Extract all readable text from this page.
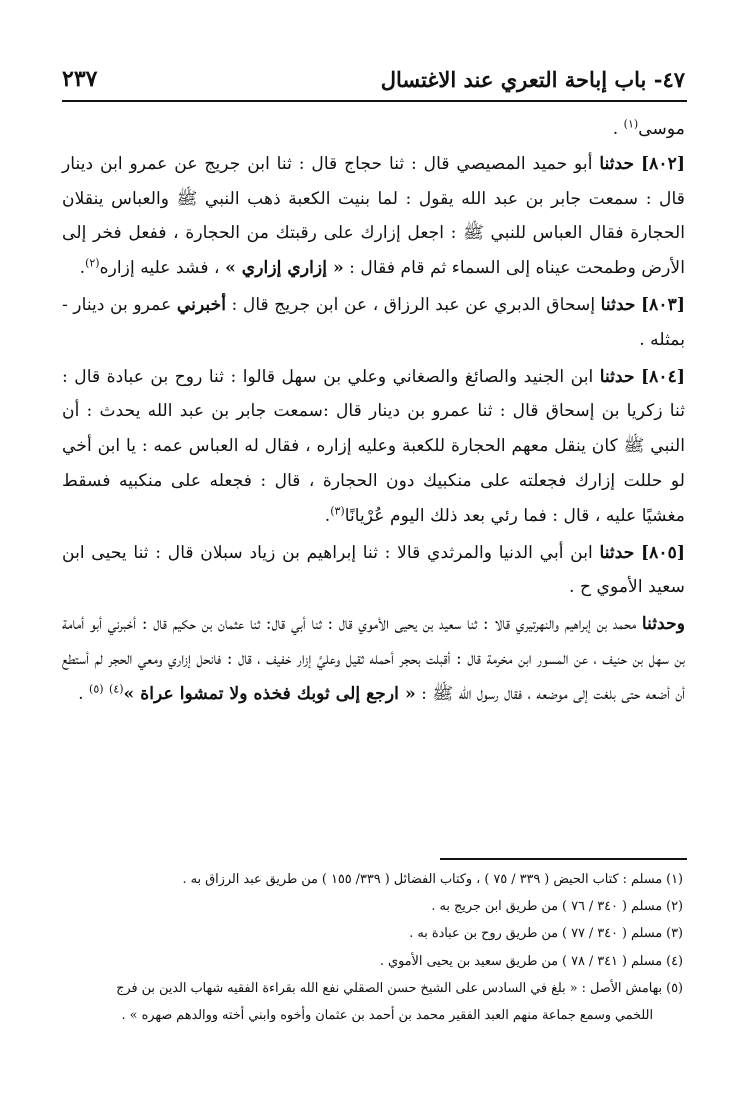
٤٧- باب إباحة التعري عند الاغتسال
٢٣٧

موسى$^{(١)}$ .

[٨٠٢] حدثنا أبو حميد المصيصي قال : ثنا حجاج قال : ثنا ابن جريج عن عمرو ابن دينار قال : سمعت جابر بن عبد الله يقول : لما بنيت الكعبة ذهب النبي ﷺ والعباس ينقلان الحجارة فقال العباس للنبي ﷺ : اجعل إزارك على رقبتك من الحجارة ، ففعل فخر إلى الأرض وطمحت عيناه إلى السماء ثم قام فقال : « إزاري إزاري » ، فشد عليه إزاره$^{(٢)}$.

[٨٠٣] حدثنا إسحاق الدبري عن عبد الرزاق ، عن ابن جريج قال : أخبرني عمرو بن دينار - بمثله .

[٨٠٤] حدثنا ابن الجنيد والصائغ والصغاني وعلي بن سهل قالوا : ثنا روح بن عبادة قال : ثنا زكريا بن إسحاق قال : ثنا عمرو بن دينار قال :سمعت جابر بن عبد الله يحدث : أن النبي ﷺ كان ينقل معهم الحجارة للكعبة وعليه إزاره ، فقال له العباس عمه : يا ابن أخي لو حللت إزارك فجعلته على منكبيك دون الحجارة ، قال : فجعله على منكبيه فسقط مغشيًا عليه ، قال : فما رئي بعد ذلك اليوم عُرْيانًا$^{(٣)}$.

[٨٠٥] حدثنا ابن أبي الدنيا والمرثدي قالا : ثنا إبراهيم بن زياد سبلان قال : ثنا يحيى ابن سعيد الأموي ح .

وحدثنا محمد بن إبراهيم والنهرتيري قالا : ثنا سعيد بن يحيى الأموي قال : ثنا أبي قال: ثنا عثمان بن حكيم قال : أخبرني أبو أمامة بن سهل بن حنيف ، عن المسور ابن مخرمة قال : أقبلت بحجر أحمله ثقيل وعليَّ إزار خفيف ، قال : فانحل إزاري ومعي الحجر لم أستطع أن أضعه حتى بلغت إلى موضعه ، فقال رسول الله ﷺ : « ارجع إلى ثوبك فخذه ولا تمشوا عراة »$^{(٤)}$ $^{(٥)}$ .

(١) مسلم : كتاب الحيض ( ٣٣٩ / ٧٥ ) ، وكتاب الفضائل ( ٣٣٩/ ١٥٥ ) من طريق عبد الرزاق به .

(٢) مسلم ( ٣٤٠ / ٧٦ ) من طريق ابن جريج به .

(٣) مسلم ( ٣٤٠ / ٧٧ ) من طريق روح بن عبادة به .

(٤) مسلم ( ٣٤١ / ٧٨ ) من طريق سعيد بن يحيى الأموي .

(٥) بهامش الأصل : « بلغ في السادس على الشيخ حسن الصقلي نفع الله بقراءة الفقيه شهاب الدين بن فرج

اللخمي وسمع جماعة منهم العبد الفقير محمد بن أحمد بن عثمان وأخوه وابني أخته ووالدهم صهره » .
